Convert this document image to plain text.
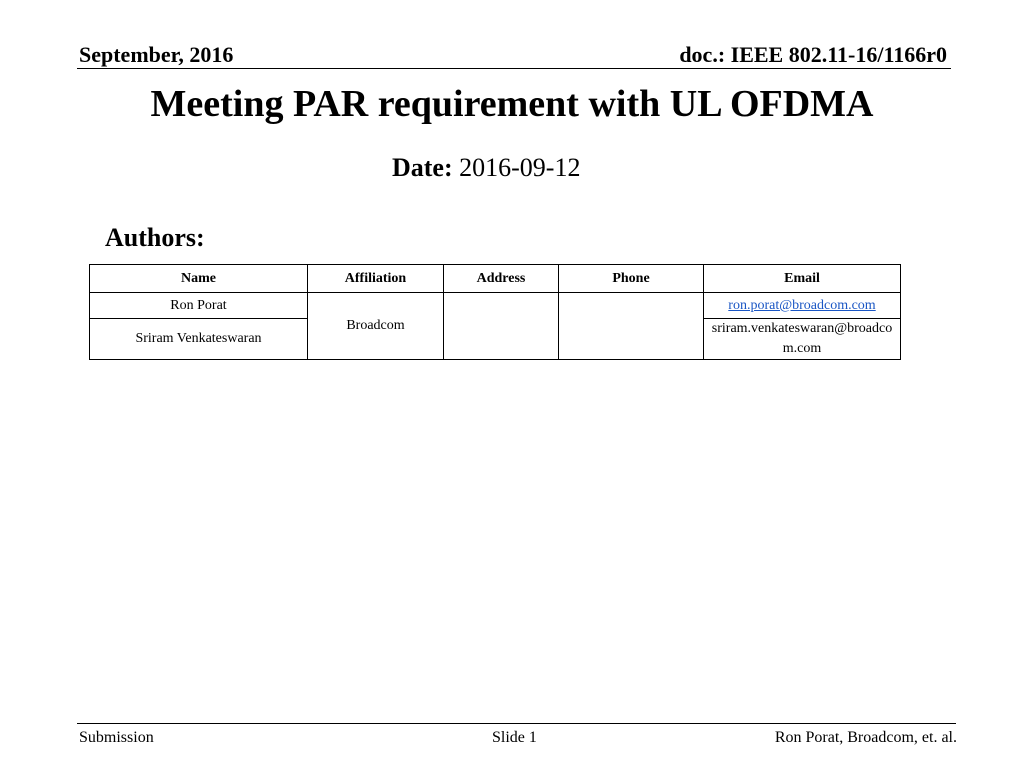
September, 2016	doc.: IEEE 802.11-16/1166r0
Meeting PAR requirement with UL OFDMA
Date: 2016-09-12
Authors:
Name	Affiliation	Address	Phone	Email
Ron Porat	Broadcom			ron.porat@broadcom.com
Sriram Venkateswaran				sriram.venkateswaran@broadcom.com
Submission	Slide 1	Ron Porat, Broadcom, et. al.
